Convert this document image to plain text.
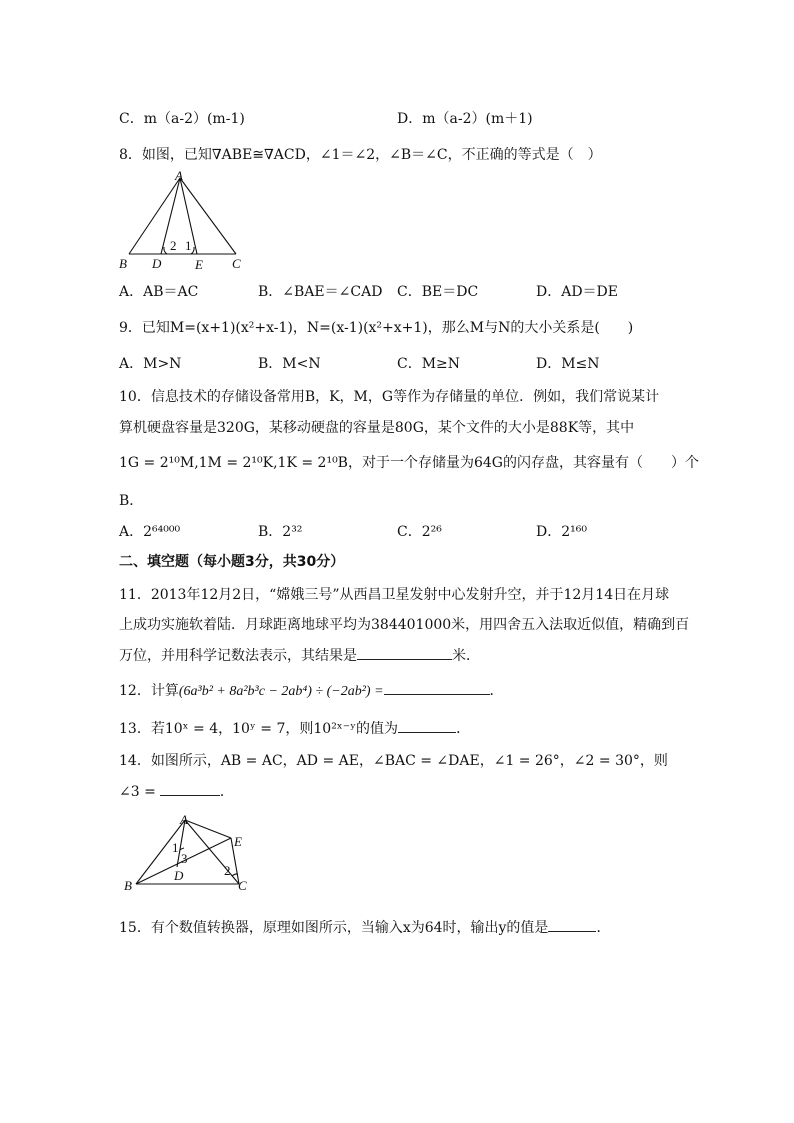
C．m（a-2）(m-1)	D．m（a-2）(m＋1)
8．如图，已知∇ABE≅∇ACD，∠1＝∠2，∠B＝∠C，不正确的等式是（　）
A
B D	E C
2 1
A．AB＝AC	B．∠BAE＝∠CAD C．BE＝DC	D．AD＝DE
9．已知M=(x+1)(x²+x-1)，N=(x-1)(x²+x+1)，那么M与N的大小关系是(　　)
A．M>N	B．M<N	C．M≥N	D．M≤N
10．信息技术的存储设备常用B，K，M，G等作为存储量的单位．例如，我们常说某计
算机硬盘容量是320G，某移动硬盘的容量是80G，某个文件的大小是88K等，其中
1G = 2¹⁰M,1M = 2¹⁰K,1K = 2¹⁰B，对于一个存储量为64G的闪存盘，其容量有（　　）个
B．
A．2⁶⁴⁰⁰⁰	B．2³²	C．2²⁶	D．2¹⁶⁰
二、填空题（每小题3分，共30分）
11．2013年12月2日，“嫦娥三号”从西昌卫星发射中心发射升空，并于12月14日在月球
上成功实施软着陆．月球距离地球平均为384401000米，用四舍五入法取近似值，精确到百
万位，并用科学记数法表示，其结果是	米．
12．计算(6a³b² + 8a²b³c − 2ab⁴) ÷ (−2ab²) =	．
13．若10ˣ = 4，10ʸ = 7，则10²ˣ⁻ʸ的值为	．
14．如图所示，AB = AC，AD = AE，∠BAC = ∠DAE，∠1 = 26°，∠2 = 30°，则
∠3 =	．
A
E
B
D
C
1
3
2
15．有个数值转换器，原理如图所示，当输入x为64时，输出y的值是	．
